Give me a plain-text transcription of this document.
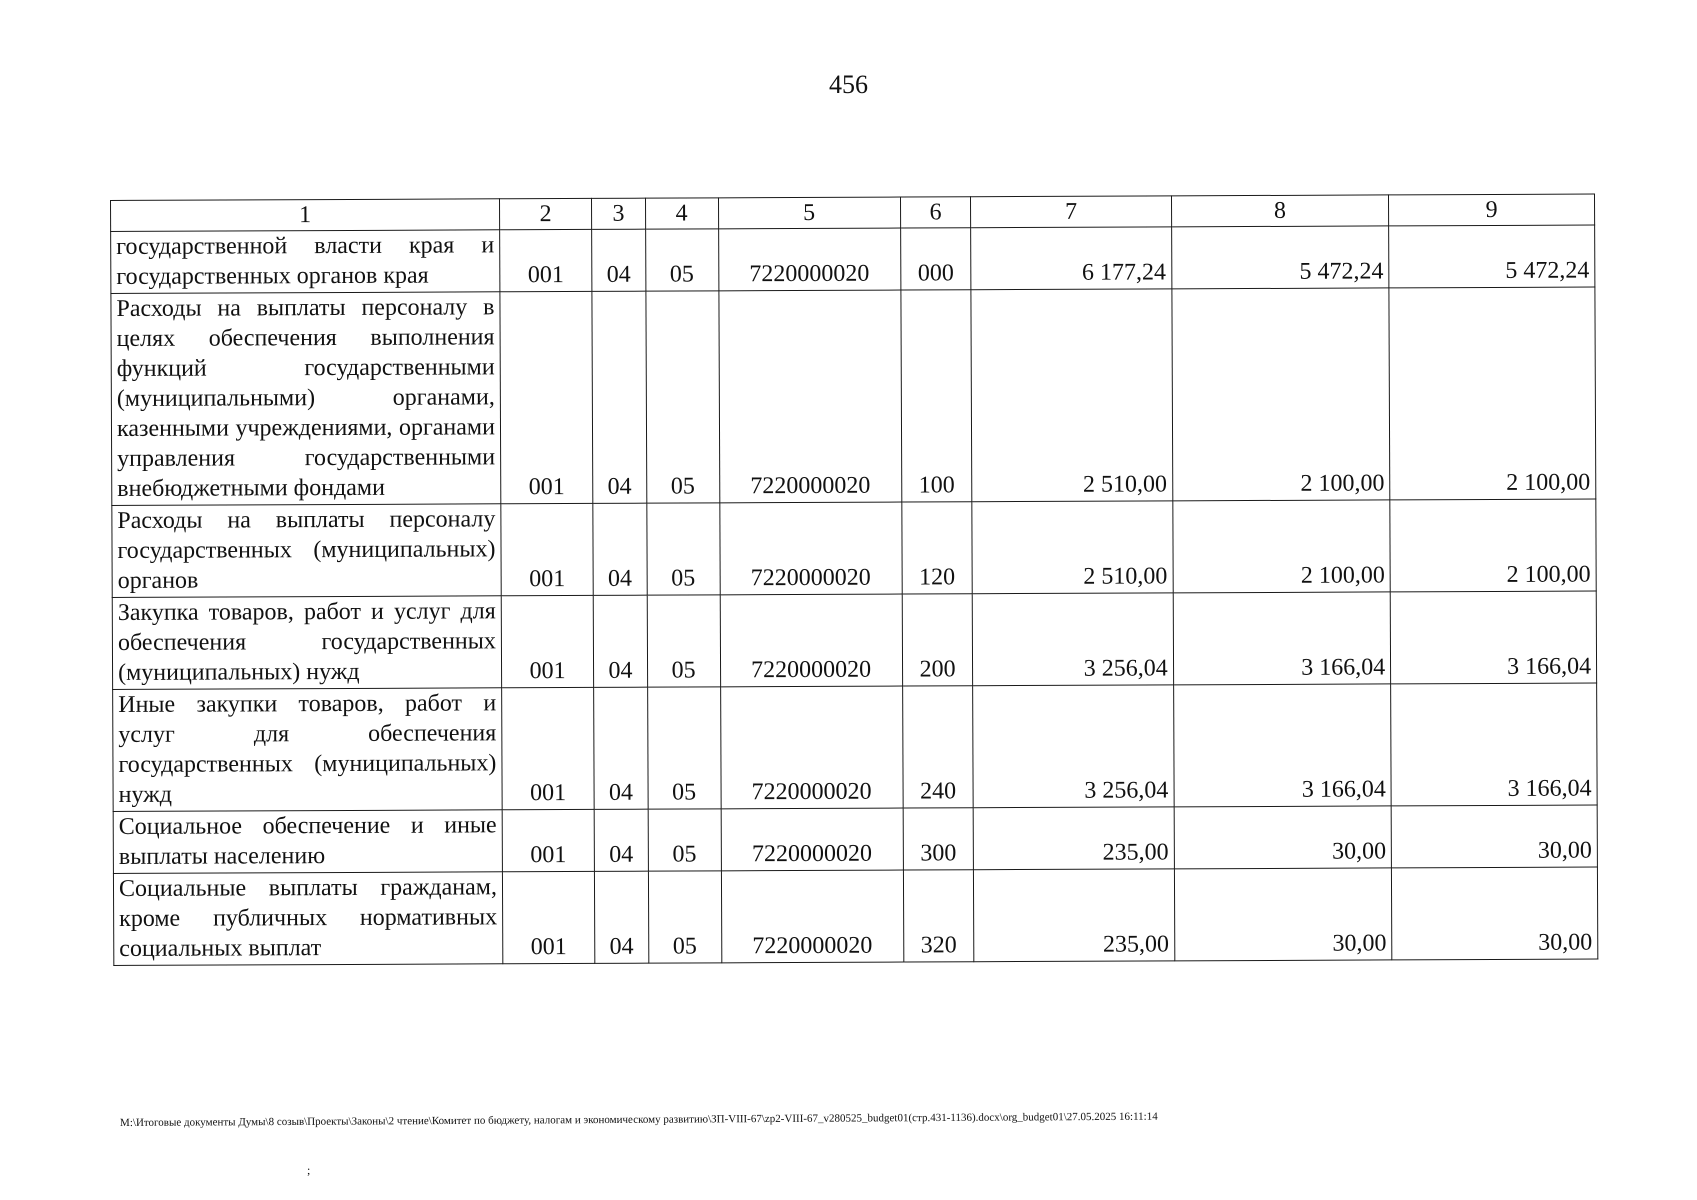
456
1	2	3	4	5	6	7	8	9
государственной власти края и государственных органов края	001	04	05	7220000020	000	6 177,24	5 472,24	5 472,24
Расходы на выплаты персоналу в целях обеспечения выполнения функций государственными (муниципальными) органами, казенными учреждениями, органами управления государственными внебюджетными фондами	001	04	05	7220000020	100	2 510,00	2 100,00	2 100,00
Расходы на выплаты персоналу государственных (муниципальных) органов	001	04	05	7220000020	120	2 510,00	2 100,00	2 100,00
Закупка товаров, работ и услуг для обеспечения государственных (муниципальных) нужд	001	04	05	7220000020	200	3 256,04	3 166,04	3 166,04
Иные закупки товаров, работ и услуг для обеспечения государственных (муниципальных) нужд	001	04	05	7220000020	240	3 256,04	3 166,04	3 166,04
Социальное обеспечение и иные выплаты населению	001	04	05	7220000020	300	235,00	30,00	30,00
Социальные выплаты гражданам, кроме публичных нормативных социальных выплат	001	04	05	7220000020	320	235,00	30,00	30,00
M:\Итоговые документы Думы\8 созыв\Проекты\Законы\2 чтение\Комитет по бюджету, налогам и экономическому развитию\ЗП-VIII-67\zp2-VIII-67_v280525_budget01(стр.431-1136).docx\org_budget01\27.05.2025 16:11:14
;
